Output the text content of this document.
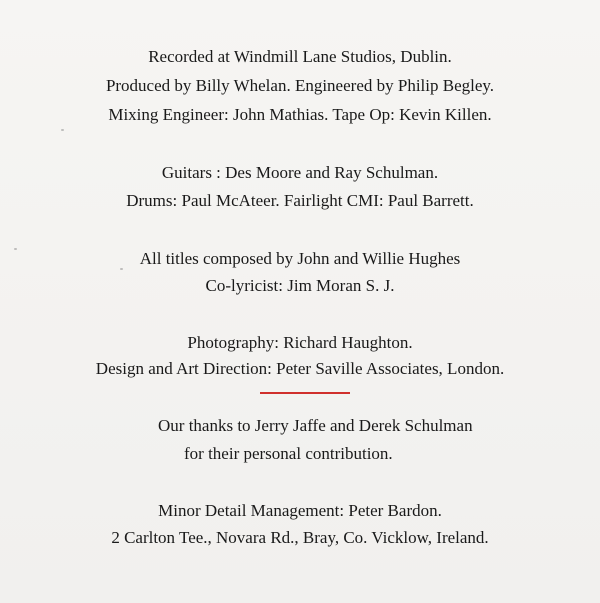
Recorded at Windmill Lane Studios, Dublin.
Produced by Billy Whelan. Engineered by Philip Begley.
Mixing Engineer: John Mathias. Tape Op: Kevin Killen.
Guitars : Des Moore and Ray Schulman.
Drums: Paul McAteer. Fairlight CMI: Paul Barrett.
All titles composed by John and Willie Hughes
Co-lyricist: Jim Moran S. J.
Photography: Richard Haughton.
Design and Art Direction: Peter Saville Associates, London.
Our thanks to Jerry Jaffe and Derek Schulman
for their personal contribution.
Minor Detail Management: Peter Bardon.
2 Carlton Tee., Novara Rd., Bray, Co. Vicklow, Ireland.
